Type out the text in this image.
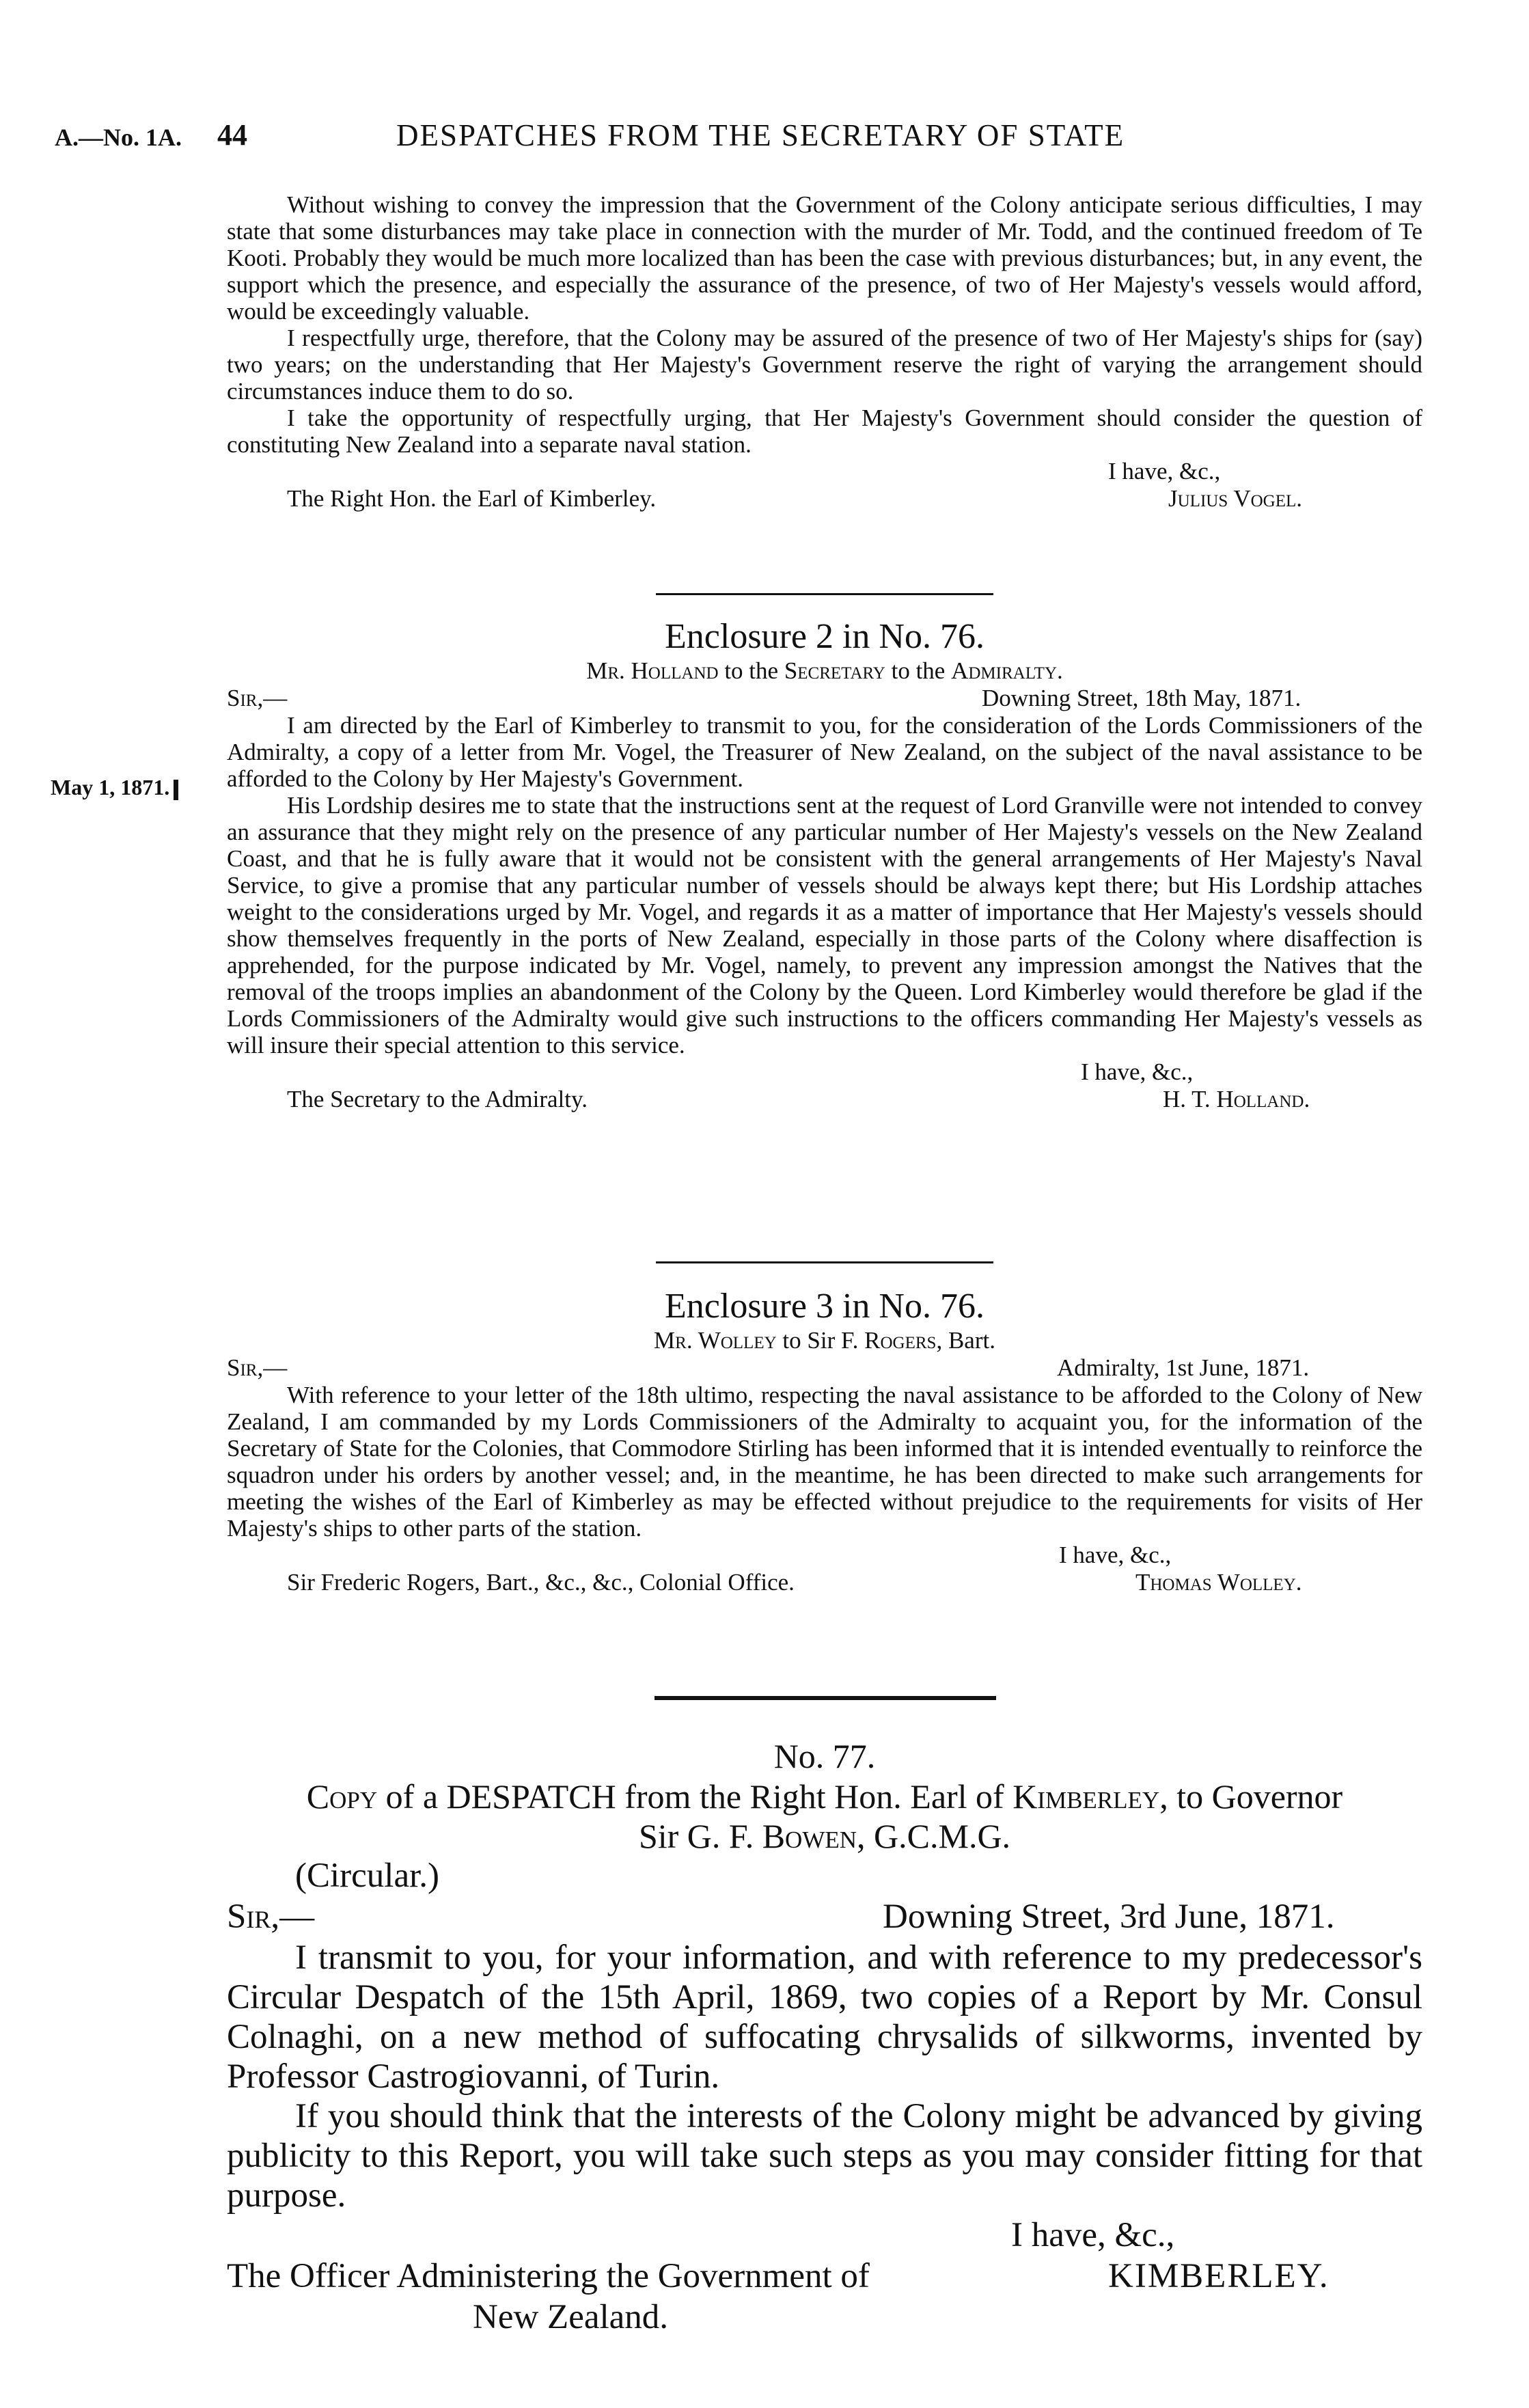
A.—No. 1A. 44	DESPATCHES FROM THE SECRETARY OF STATE

Without wishing to convey the impression that the Government of the Colony anticipate serious difficulties, I may state that some disturbances may take place in connection with the murder of Mr. Todd, and the continued freedom of Te Kooti. Probably they would be much more localized than has been the case with previous disturbances; but, in any event, the support which the presence, and especially the assurance of the presence, of two of Her Majesty's vessels would afford, would be exceedingly valuable.

I respectfully urge, therefore, that the Colony may be assured of the presence of two of Her Majesty's ships for (say) two years; on the understanding that Her Majesty's Government reserve the right of varying the arrangement should circumstances induce them to do so.

I take the opportunity of respectfully urging, that Her Majesty's Government should consider the question of constituting New Zealand into a separate naval station.

I have, &c.,
The Right Hon. the Earl of Kimberley.	Julius Vogel.
Enclosure 2 in No. 76.
Mr. Holland to the Secretary to the Admiralty.
Sir,—	Downing Street, 18th May, 1871.

I am directed by the Earl of Kimberley to transmit to you, for the consideration of the Lords Commissioners of the Admiralty, a copy of a letter from Mr. Vogel, the Treasurer of New Zealand, on the subject of the naval assistance to be afforded to the Colony by Her Majesty's Government.

His Lordship desires me to state that the instructions sent at the request of Lord Granville were not intended to convey an assurance that they might rely on the presence of any particular number of Her Majesty's vessels on the New Zealand Coast, and that he is fully aware that it would not be consistent with the general arrangements of Her Majesty's Naval Service, to give a promise that any particular number of vessels should be always kept there; but His Lordship attaches weight to the considerations urged by Mr. Vogel, and regards it as a matter of importance that Her Majesty's vessels should show themselves frequently in the ports of New Zealand, especially in those parts of the Colony where disaffection is apprehended, for the purpose indicated by Mr. Vogel, namely, to prevent any impression amongst the Natives that the removal of the troops implies an abandonment of the Colony by the Queen. Lord Kimberley would therefore be glad if the Lords Commissioners of the Admiralty would give such instructions to the officers commanding Her Majesty's vessels as will insure their special attention to this service.

I have, &c.,
The Secretary to the Admiralty.	H. T. Holland.
May 1, 1871.
Enclosure 3 in No. 76.
Mr. Wolley to Sir F. Rogers, Bart.
Sir,—	Admiralty, 1st June, 1871.

With reference to your letter of the 18th ultimo, respecting the naval assistance to be afforded to the Colony of New Zealand, I am commanded by my Lords Commissioners of the Admiralty to acquaint you, for the information of the Secretary of State for the Colonies, that Commodore Stirling has been informed that it is intended eventually to reinforce the squadron under his orders by another vessel; and, in the meantime, he has been directed to make such arrangements for meeting the wishes of the Earl of Kimberley as may be effected without prejudice to the requirements for visits of Her Majesty's ships to other parts of the station.

I have, &c.,
Sir Frederic Rogers, Bart., &c., &c., Colonial Office.	Thomas Wolley.
No. 77.
Copy of a DESPATCH from the Right Hon. Earl of Kimberley, to Governor
Sir G. F. Bowen, G.C.M.G.
(Circular.)
Sir,—	Downing Street, 3rd June, 1871.

I transmit to you, for your information, and with reference to my predecessor's Circular Despatch of the 15th April, 1869, two copies of a Report by Mr. Consul Colnaghi, on a new method of suffocating chrysalids of silkworms, invented by Professor Castrogiovanni, of Turin.

If you should think that the interests of the Colony might be advanced by giving publicity to this Report, you will take such steps as you may consider fitting for that purpose.

I have, &c.,
The Officer Administering the Government of	KIMBERLEY.
New Zealand.
